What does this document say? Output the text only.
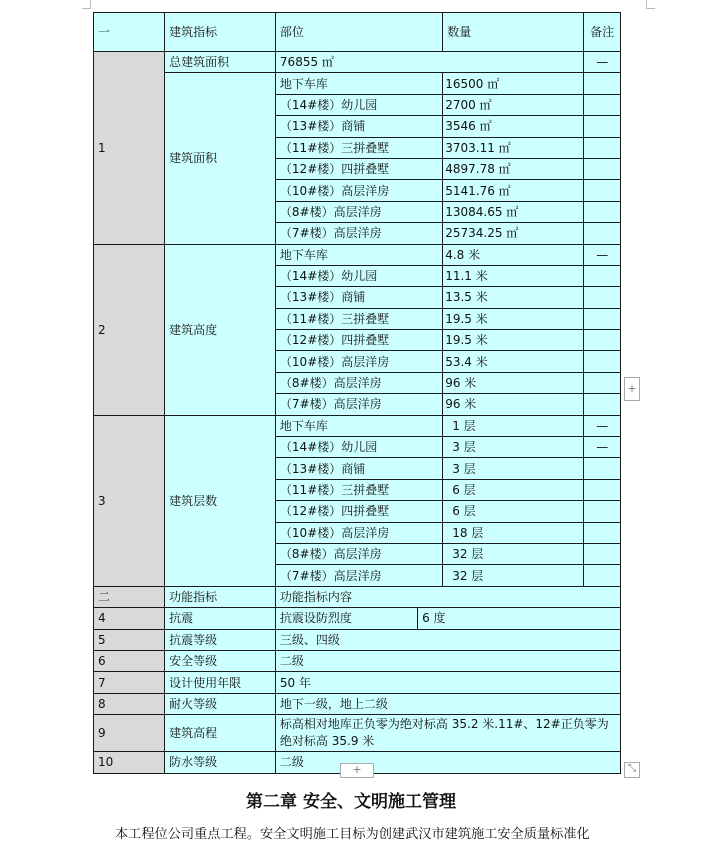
一	建筑指标	部位		数量	备注
1	总建筑面积	76855 ㎡			—
	建筑面积	地下车库		16500 ㎡	
		（14#楼）幼儿园		2700 ㎡	
		（13#楼）商铺		3546 ㎡	
		（11#楼）三拼叠墅		3703.11 ㎡	
		（12#楼）四拼叠墅		4897.78 ㎡	
		（10#楼）高层洋房		5141.76 ㎡	
		（8#楼）高层洋房		13084.65 ㎡	
		（7#楼）高层洋房		25734.25 ㎡	
2	建筑高度	地下车库		4.8 米	—
		（14#楼）幼儿园		11.1 米	
		（13#楼）商铺		13.5 米	
		（11#楼）三拼叠墅		19.5 米	
		（12#楼）四拼叠墅		19.5 米	
		（10#楼）高层洋房		53.4 米	
		（8#楼）高层洋房		96 米	
		（7#楼）高层洋房		96 米	
3	建筑层数	地下车库		1 层	—
		（14#楼）幼儿园		3 层	—
		（13#楼）商铺		3 层	
		（11#楼）三拼叠墅		6 层	
		（12#楼）四拼叠墅		6 层	
		（10#楼）高层洋房		18 层	
		（8#楼）高层洋房		32 层	
		（7#楼）高层洋房		32 层	
二	功能指标	功能指标内容			
4	抗震	抗震设防烈度	6 度		
5	抗震等级	三级、四级			
6	安全等级	二级			
7	设计使用年限	50 年			
8	耐火等级	地下一级，地上二级			
9	建筑高程	标高相对地库正负零为绝对标高 35.2 米.11#、12#正负零为绝对标高 35.9 米			
10	防水等级	二级			
+
+	⤡
第二章 安全、文明施工管理
本工程位公司重点工程。安全文明施工目标为创建武汉市建筑施工安全质量标准化
